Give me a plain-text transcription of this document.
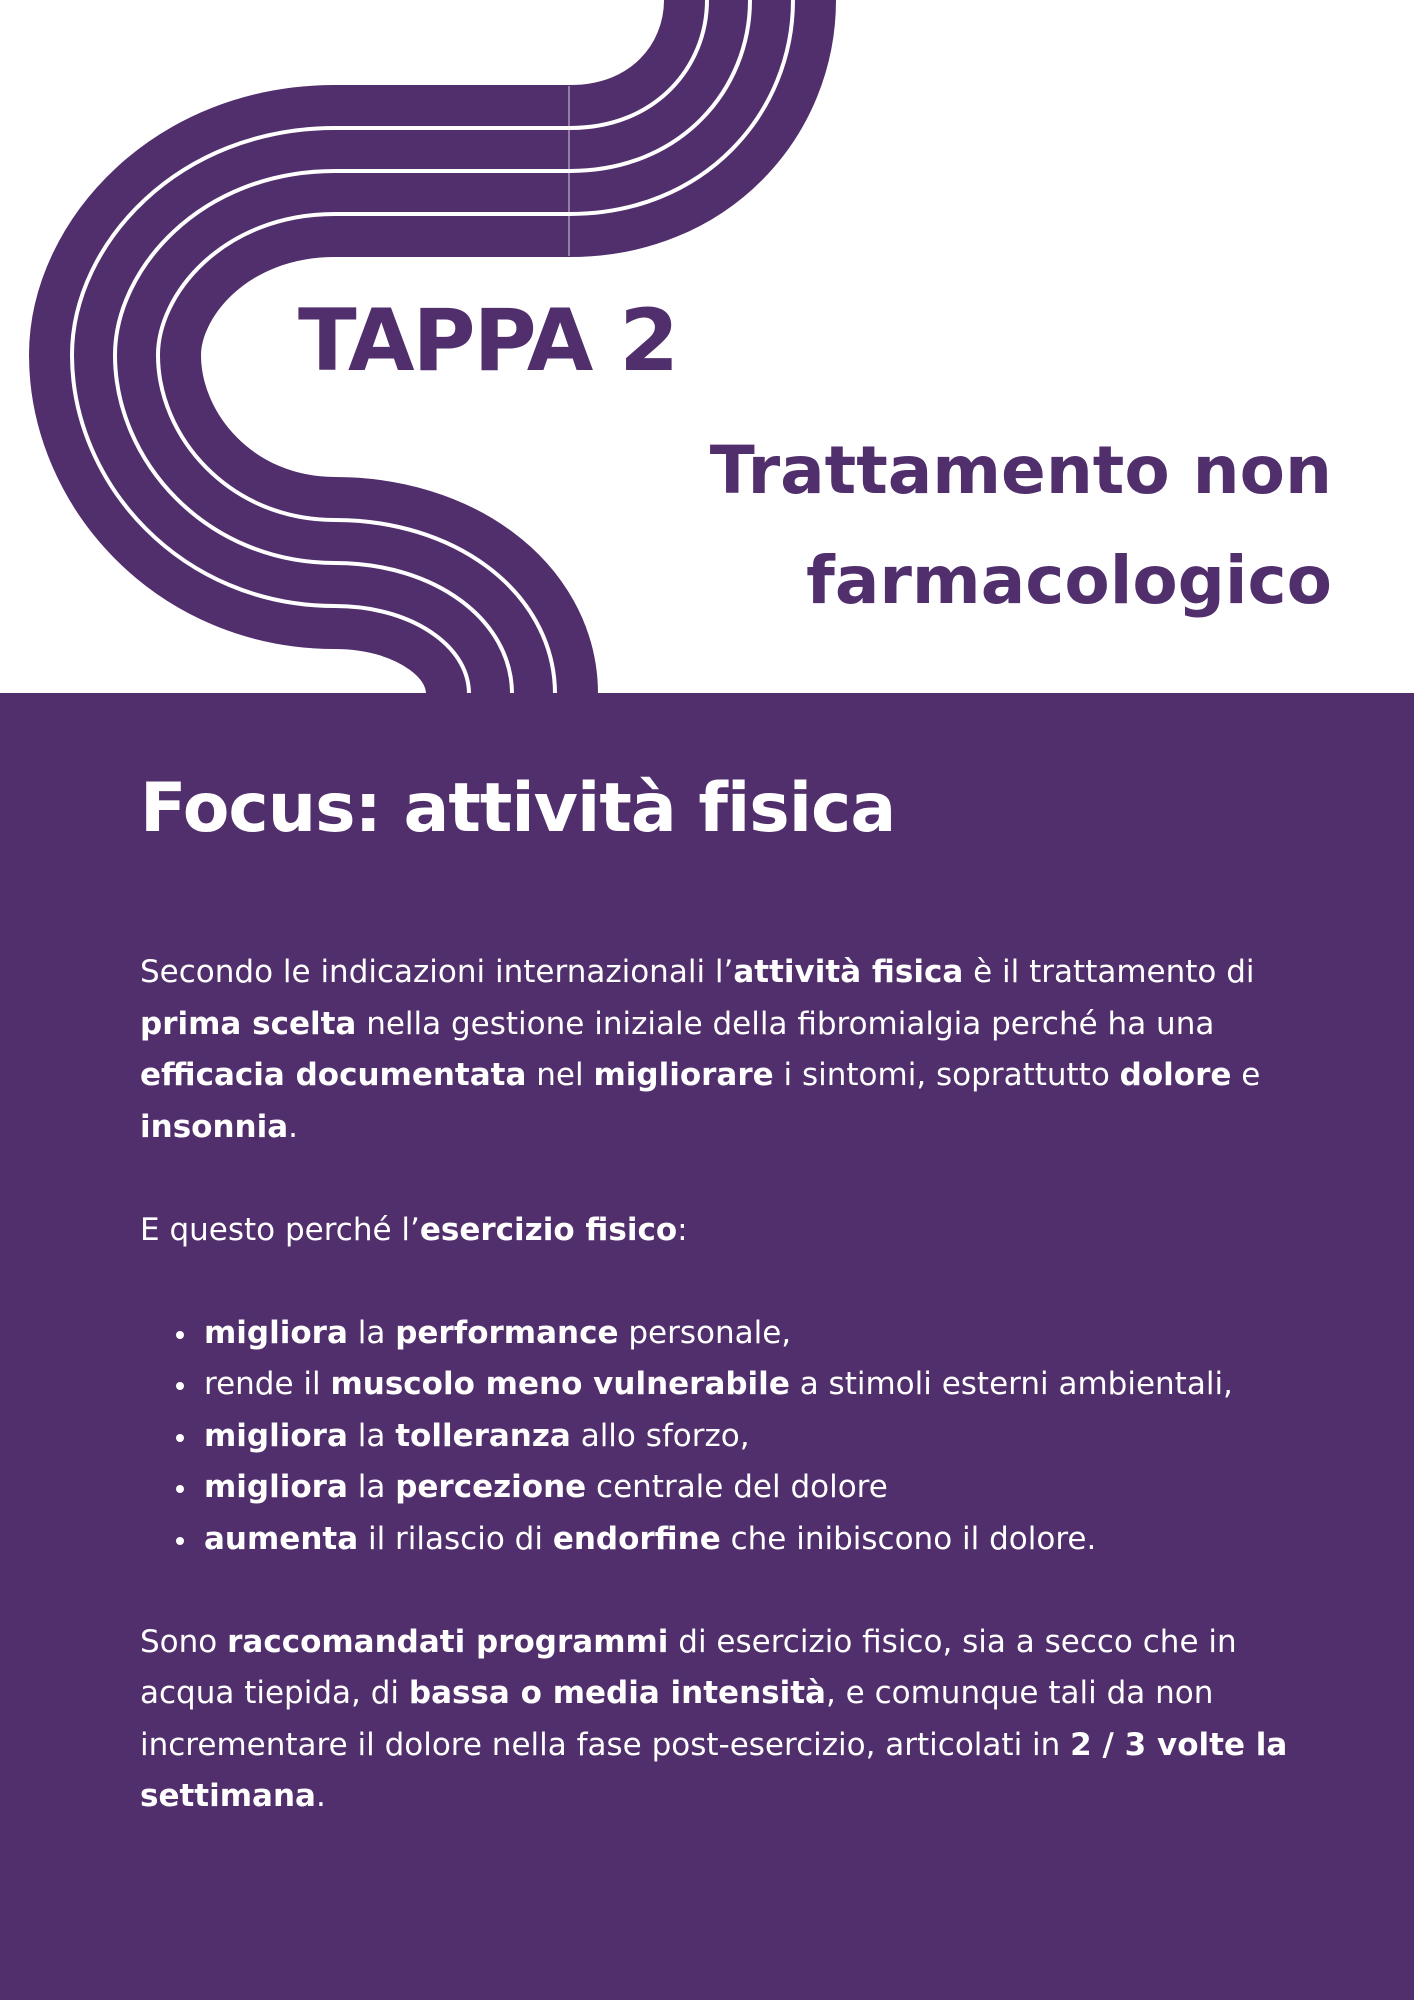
TAPPA 2
Trattamento non
farmacologico
Focus: attività fisica

Secondo le indicazioni internazionali l’attività fisica è il trattamento di prima scelta nella gestione iniziale della fibromialgia perché ha una efficacia documentata nel migliorare i sintomi, soprattutto dolore e insonnia.

E questo perché l’esercizio fisico:

migliora la performance personale,
rende il muscolo meno vulnerabile a stimoli esterni ambientali,
migliora la tolleranza allo sforzo,
migliora la percezione centrale del dolore
aumenta il rilascio di endorfine che inibiscono il dolore.

Sono raccomandati programmi di esercizio fisico, sia a secco che in acqua tiepida, di bassa o media intensità, e comunque tali da non incrementare il dolore nella fase post-esercizio, articolati in 2 / 3 volte la settimana.
